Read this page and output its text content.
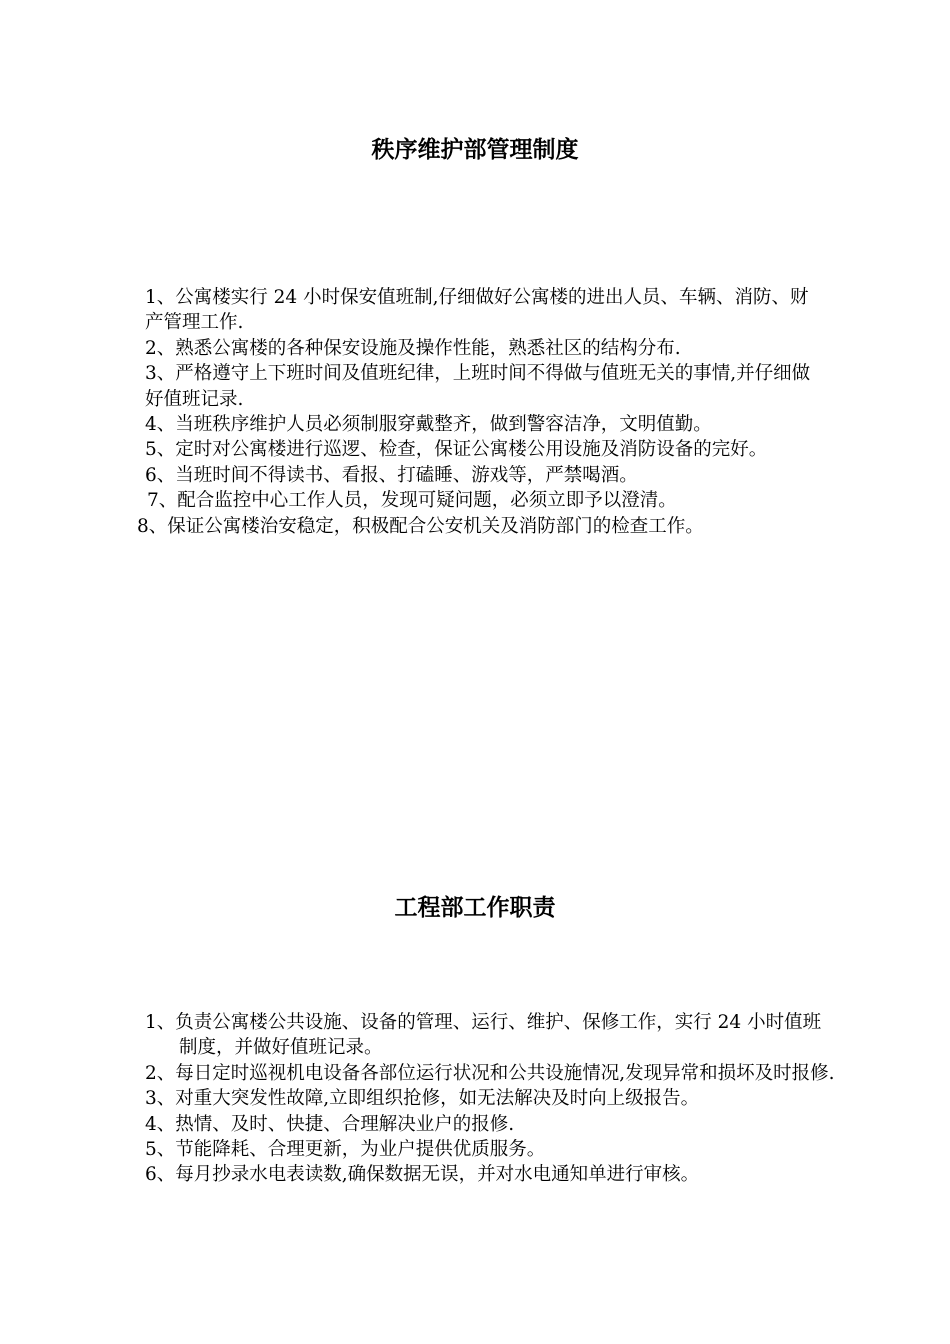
秩序维护部管理制度
1、公寓楼实行 24 小时保安值班制,仔细做好公寓楼的进出人员、车辆、消防、财产管理工作.
2、熟悉公寓楼的各种保安设施及操作性能，熟悉社区的结构分布.
3、严格遵守上下班时间及值班纪律，上班时间不得做与值班无关的事情,并仔细做好值班记录.
4、当班秩序维护人员必须制服穿戴整齐，做到警容洁净，文明值勤。
5、定时对公寓楼进行巡逻、检查，保证公寓楼公用设施及消防设备的完好。
6、当班时间不得读书、看报、打磕睡、游戏等，严禁喝酒。
7、配合监控中心工作人员，发现可疑问题，必须立即予以澄清。
8、保证公寓楼治安稳定，积极配合公安机关及消防部门的检查工作。
工程部工作职责
1、负责公寓楼公共设施、设备的管理、运行、维护、保修工作，实行 24 小时值班制度，并做好值班记录。
2、每日定时巡视机电设备各部位运行状况和公共设施情况,发现异常和损坏及时报修.
3、对重大突发性故障,立即组织抢修，如无法解决及时向上级报告。
4、热情、及时、快捷、合理解决业户的报修.
5、节能降耗、合理更新，为业户提供优质服务。
6、每月抄录水电表读数,确保数据无误，并对水电通知单进行审核。
